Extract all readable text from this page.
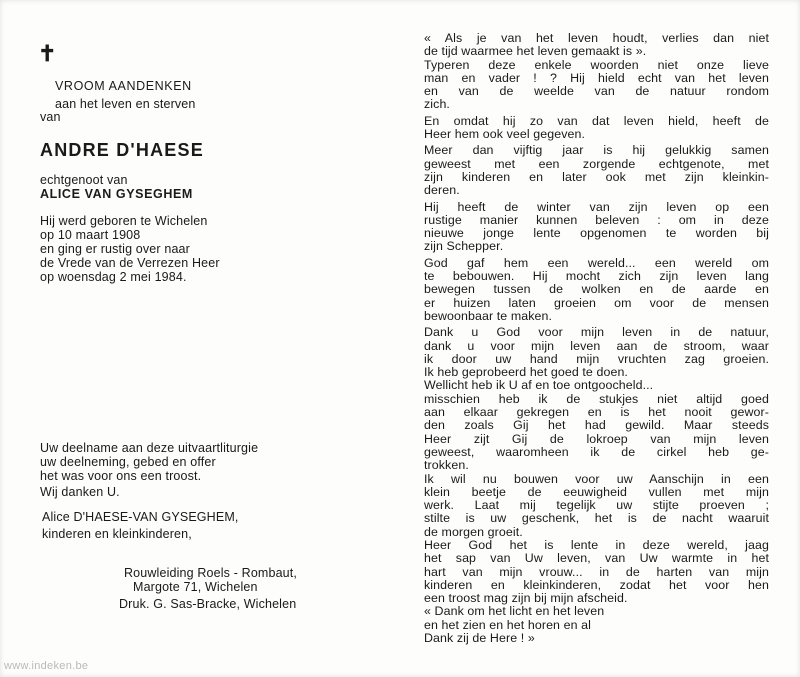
✝
VROOM AANDENKEN
aan het leven en sterven
van
ANDRE D'HAESE
echtgenoot van
ALICE VAN GYSEGHEM
Hij werd geboren te Wichelen
op 10 maart 1908
en ging er rustig over naar
de Vrede van de Verrezen Heer
op woensdag 2 mei 1984.
Uw deelname aan deze uitvaartliturgie
uw deelneming, gebed en offer
het was voor ons een troost.
Wij danken U.
Alice D'HAESE-VAN GYSEGHEM,
kinderen en kleinkinderen,
Rouwleiding Roels - Rombaut,
Margote 71, Wichelen
Druk. G. Sas-Bracke, Wichelen
« Als je van het leven houdt, verlies dan niet
de tijd waarmee het leven gemaakt is ».
Typeren deze enkele woorden niet onze lieve
man en vader ! ? Hij hield echt van het leven
en van de weelde van de natuur rondom
zich.
En omdat hij zo van dat leven hield, heeft de
Heer hem ook veel gegeven.
Meer dan vijftig jaar is hij gelukkig samen
geweest met een zorgende echtgenote, met
zijn kinderen en later ook met zijn kleinkin-
deren.
Hij heeft de winter van zijn leven op een
rustige manier kunnen beleven : om in deze
nieuwe jonge lente opgenomen te worden bij
zijn Schepper.
God gaf hem een wereld... een wereld om
te bebouwen. Hij mocht zich zijn leven lang
bewegen tussen de wolken en de aarde en
er huizen laten groeien om voor de mensen
bewoonbaar te maken.
Dank u God voor mijn leven in de natuur,
dank u voor mijn leven aan de stroom, waar
ik door uw hand mijn vruchten zag groeien.
Ik heb geprobeerd het goed te doen.
Wellicht heb ik U af en toe ontgoocheld...
misschien heb ik de stukjes niet altijd goed
aan elkaar gekregen en is het nooit gewor-
den zoals Gij het had gewild. Maar steeds
Heer zijt Gij de lokroep van mijn leven
geweest, waaromheen ik de cirkel heb ge-
trokken.
Ik wil nu bouwen voor uw Aanschijn in een
klein beetje de eeuwigheid vullen met mijn
werk. Laat mij tegelijk uw stijte proeven ;
stilte is uw geschenk, het is de nacht waaruit
de morgen groeit.
Heer God het is lente in deze wereld, jaag
het sap van Uw leven, van Uw warmte in het
hart van mijn vrouw... in de harten van mijn
kinderen en kleinkinderen, zodat het voor hen
een troost mag zijn bij mijn afscheid.
« Dank om het licht en het leven
en het zien en het horen en al
Dank zij de Here ! »
www.indeken.be
